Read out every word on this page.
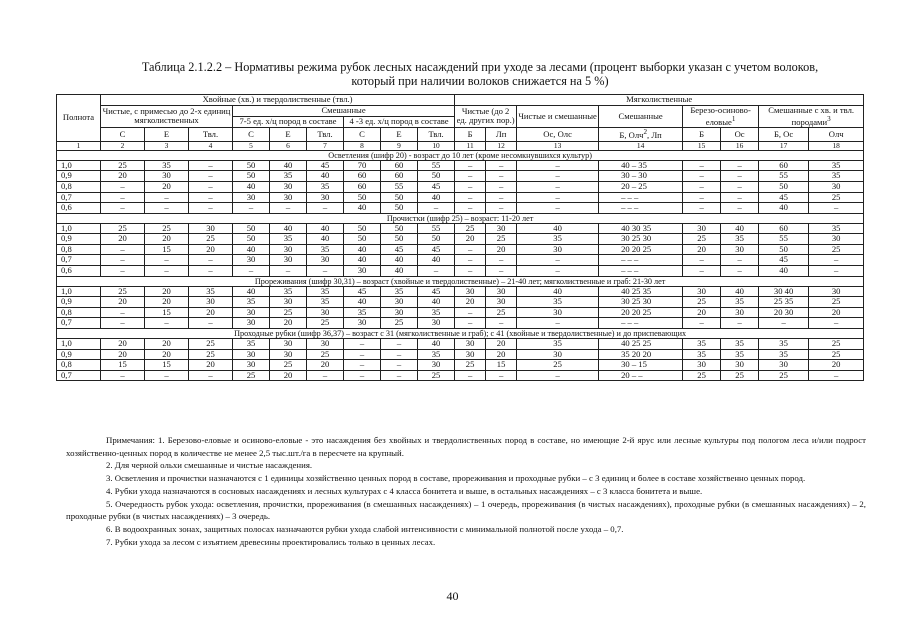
Таблица 2.1.2.2 – Нормативы режима рубок лесных насаждений при уходе за лесами (процент выборки указан с учетом волоков,
который при наличии волоков снижается на 5 %)
Полнота	Хвойные (хв.) и твердолиственные (твл.)									Мягколиственные							
	Чистые, с примесью до 2-х единиц мягколиственных			Смешанные						Чистые (до 2 ед. других пор.)		Чистые и смешанные	Смешанные	Березо-осиново-еловые$^1$		Смешанные с хв. и твл. породами$^3$
				7-5 ед. х/ц пород в составе			4 -3 ед. х/ц пород в составе										
	С	Е	Твл.	С	Е	Твл.	С	Е	Твл.	Б	Лп	Ос, Олс	Б, Олч$^2$, Лп	Б	Ос	Б, Ос	Олч
1	2	3	4	5	6	7	8	9	10	11	12	13	14	15	16	17	18
Осветления (шифр 20) - возраст до 10 лет (кроме несомкнувшихся культур)																	
1,0	25	35	–	50	40	45	70	60	55	–	–	–	40 – 35	–	–	60	35
0,9	20	30	–	50	35	40	60	60	50	–	–	–	30 – 30	–	–	55	35
0,8	–	20	–	40	30	35	60	55	45	–	–	–	20 – 25	–	–	50	30
0,7	–	–	–	30	30	30	50	50	40	–	–	–	– – –	–	–	45	25
0,6	–	–	–	–	–	–	40	50	–	–	–	–	– – –	–	–	40	–
Прочистки (шифр 25) – возраст: 11-20 лет																	
1,0	25	25	30	50	40	40	50	50	55	25	30	40	40 30 35	30	40	60	35
0,9	20	20	25	50	35	40	50	50	50	20	25	35	30 25 30	25	35	55	30
0,8	–	15	20	40	30	35	40	45	45	–	20	30	20 20 25	20	30	50	25
0,7	–	–	–	30	30	30	40	40	40	–	–	–	– – –	–	–	45	–
0,6	–	–	–	–	–	–	30	40	–	–	–	–	– – –	–	–	40	–
Прореживания (шифр 30,31) – возраст (хвойные и твердолиственные) – 21-40 лет; мягколиственные и граб: 21-30 лет																	
1,0	25	20	35	40	35	35	45	35	45	30	30	40	40 25 35	30	40	30 40	30
0,9	20	20	30	35	30	35	40	30	40	20	30	35	30 25 30	25	35	25 35	25
0,8	–	15	20	30	25	30	35	30	35	–	25	30	20 20 25	20	30	20 30	20
0,7	–	–	–	30	20	25	30	25	30	–	–	–	– – –	–	–	–	–
Проходные рубки (шифр 36,37) – возраст с 31 (мягколиственные и граб); с 41 (хвойные и твердолиственные) и до приспевающих																	
1,0	20	20	25	35	30	30	–	–	40	30	20	35	40 25 25	35	35	35	25
0,9	20	20	25	30	30	25	–	–	35	30	20	30	35 20 20	35	35	35	25
0,8	15	15	20	30	25	20	–	–	30	25	15	25	30 – 15	30	30	30	20
0,7	–	–	–	25	20	–	–	–	25	–	–	–	20 – –	25	25	25	–

Примечания: 1. Березово-еловые и осиново-еловые - это насаждения без хвойных и твердолиственных пород в составе, но имеющие 2-й ярус или лесные культуры под пологом леса и/или подрост хозяйственно-ценных пород в количестве не менее 2,5 тыс.шт./га в пересчете на крупный.

2. Для черной ольхи смешанные и чистые насаждения.

3. Осветления и прочистки назначаются с 1 единицы хозяйственно ценных пород в составе, прореживания и проходные рубки – с 3 единиц и более в составе хозяйственно ценных пород.

4. Рубки ухода назначаются в сосновых насаждениях и лесных культурах с 4 класса бонитета и выше, в остальных насаждениях – с 3 класса бонитета и выше.

5. Очередность рубок ухода: осветления, прочистки, прореживания (в смешанных насаждениях) – 1 очередь, прореживания (в чистых насаждениях), проходные рубки (в смешанных насаждениях) – 2, проходные рубки (в чистых насаждениях) – 3 очередь.

6. В водоохранных зонах, защитных полосах назначаются рубки ухода слабой интенсивности с минимальной полнотой после ухода – 0,7.

7. Рубки ухода за лесом с изъятием древесины проектировались только в ценных лесах.

40
